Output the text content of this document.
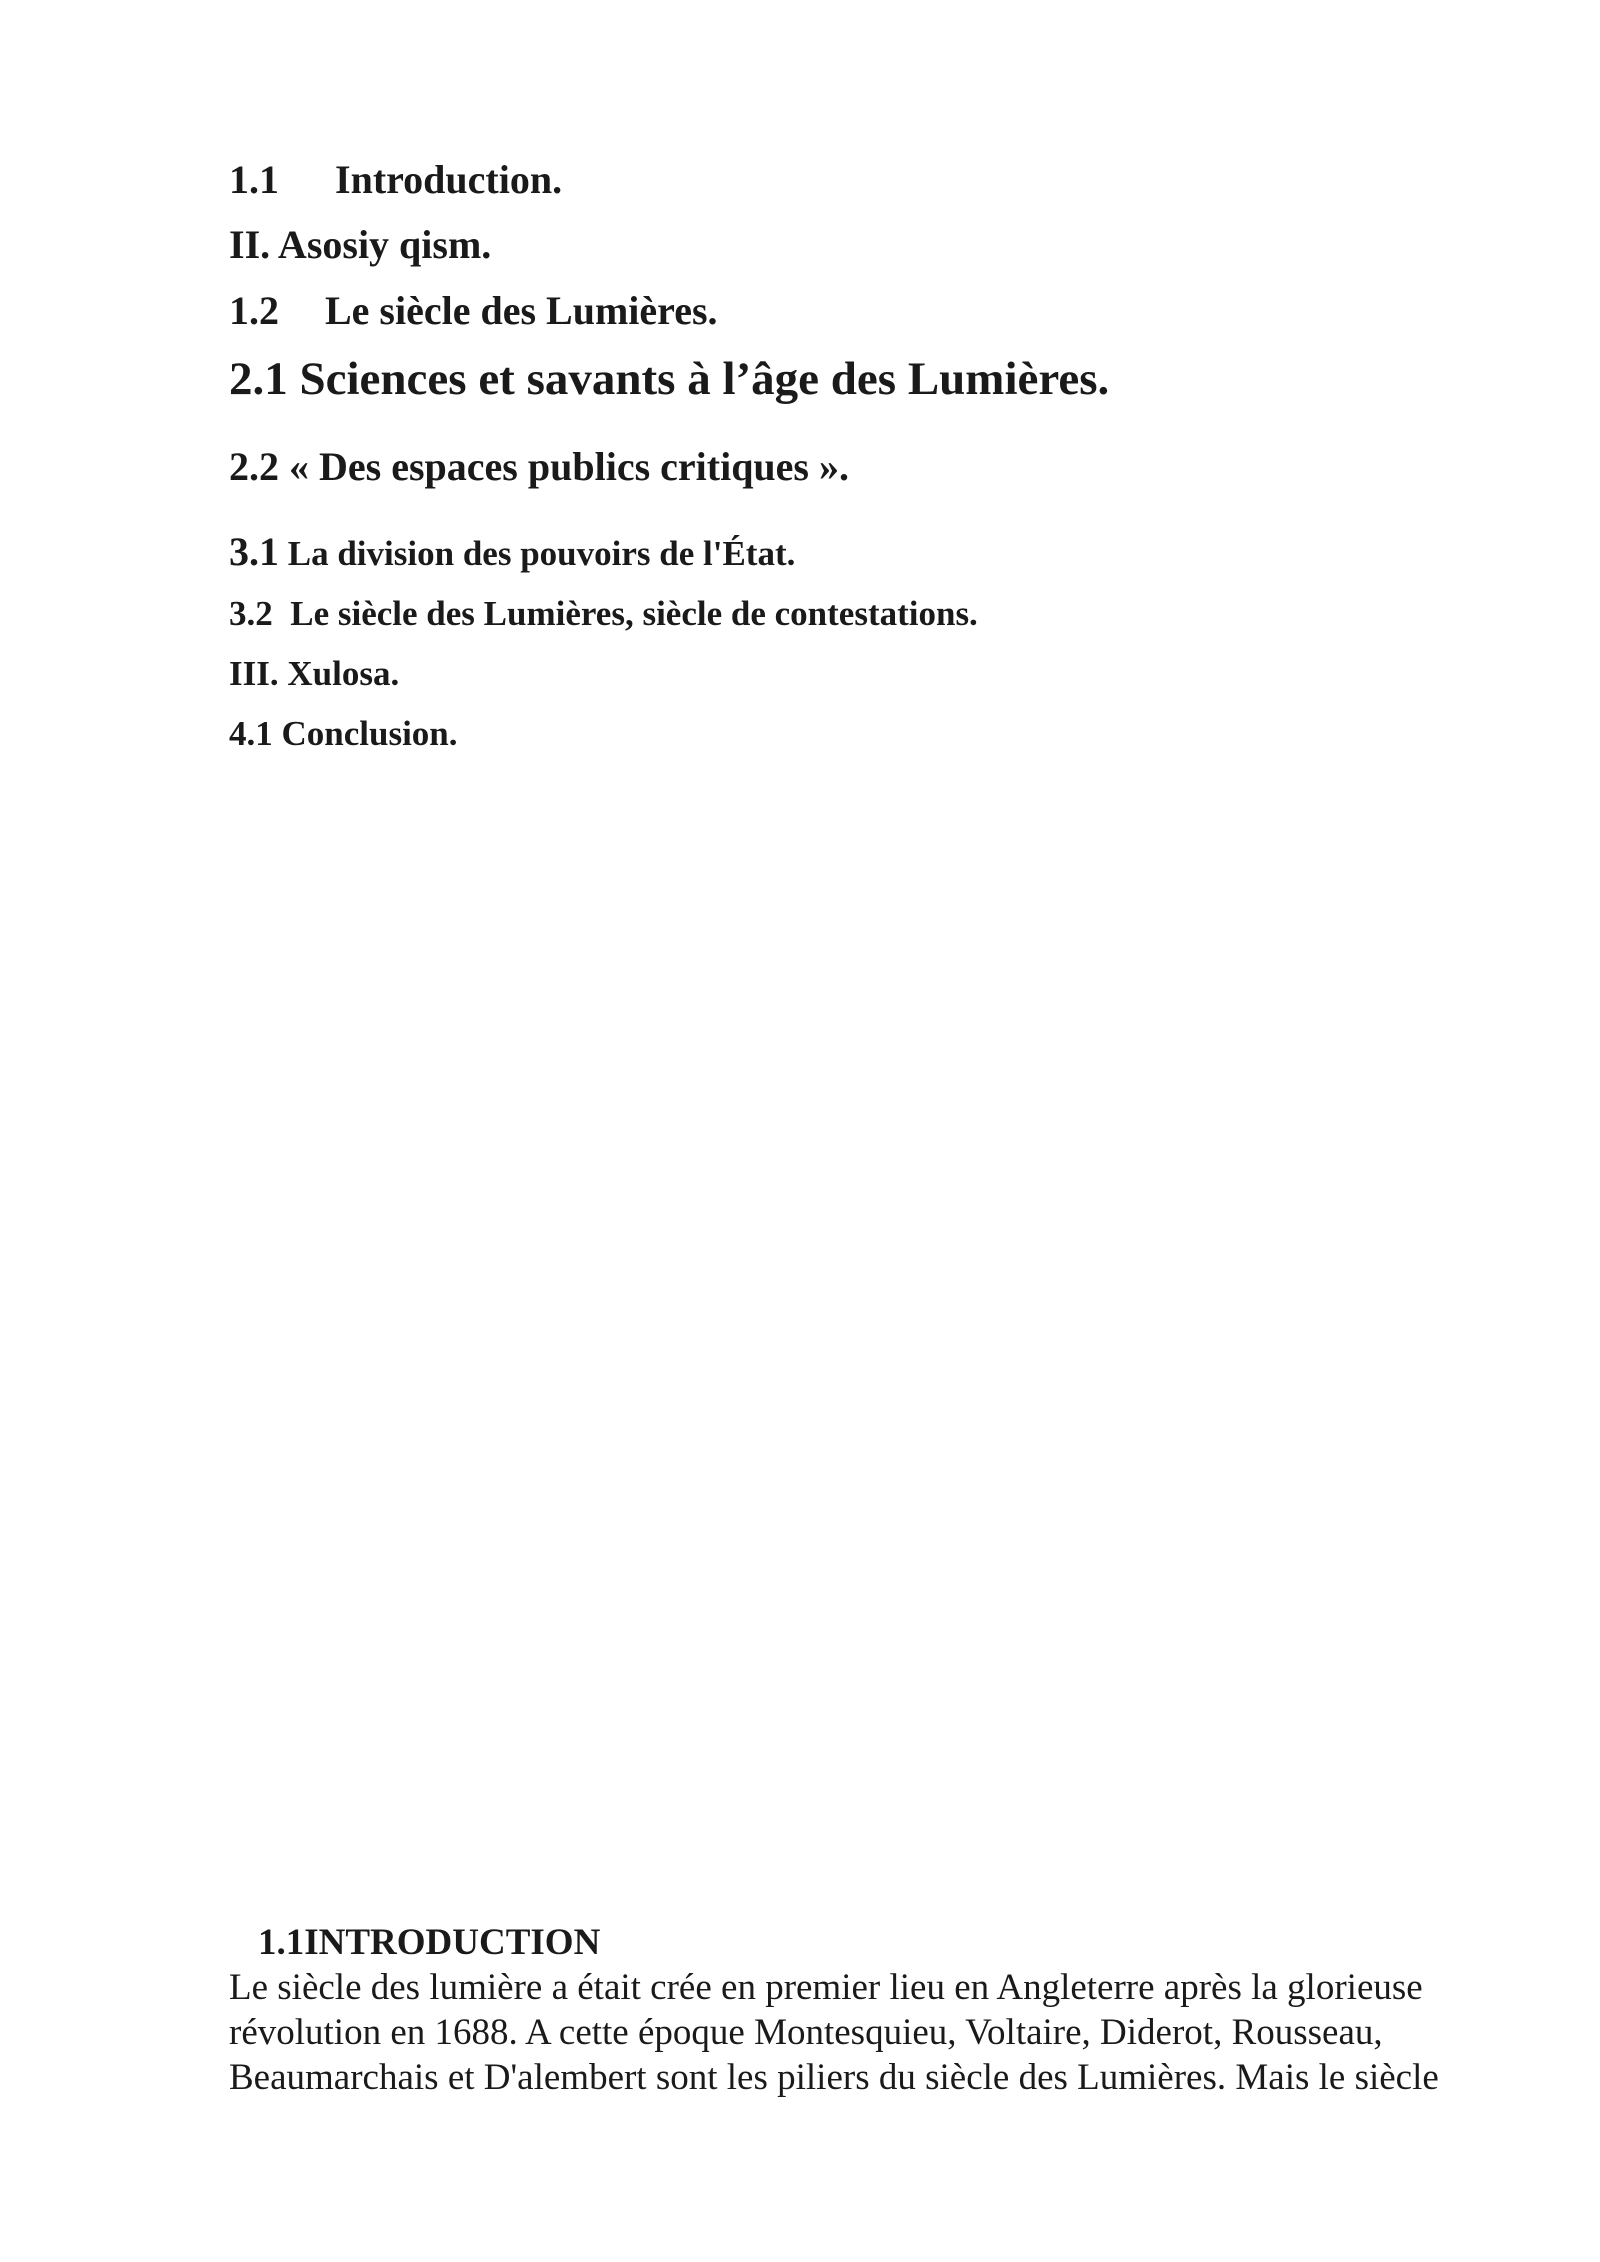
1.1 Introduction.
II. Asosiy qism.
1.2 Le siècle des Lumières.
2.1 Sciences et savants à l’âge des Lumières.
2.2 « Des espaces publics critiques ».
3.1 La division des pouvoirs de l'État.
3.2 Le siècle des Lumières, siècle de contestations.
III. Xulosa.
4.1 Conclusion.
1.1INTRODUCTION
Le siècle des lumière a était crée en premier lieu en Angleterre après la glorieuse
révolution en 1688. A cette époque Montesquieu, Voltaire, Diderot, Rousseau,
Beaumarchais et D'alembert sont les piliers du siècle des Lumières. Mais le siècle
